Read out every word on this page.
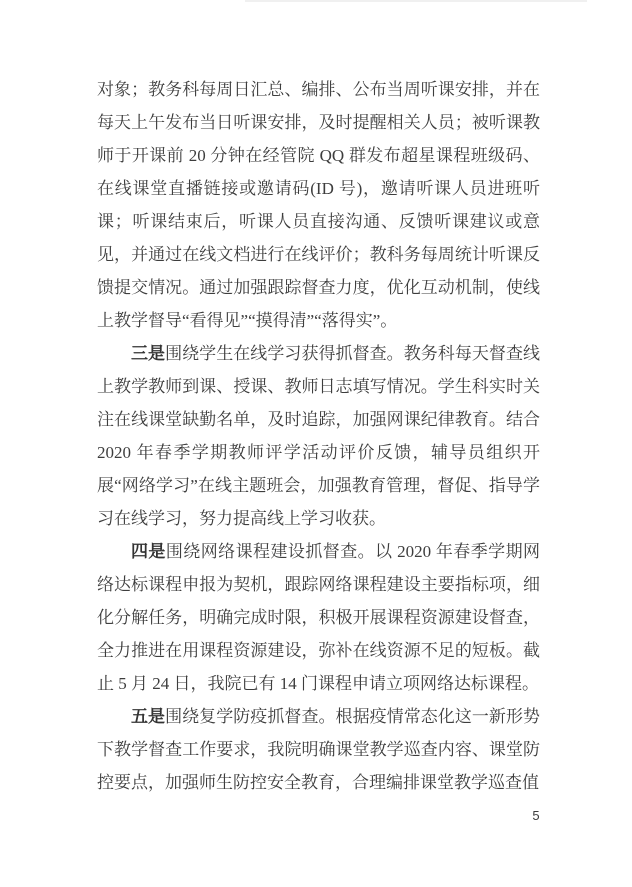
对象；教务科每周日汇总、编排、公布当周听课安排，并在每天上午发布当日听课安排，及时提醒相关人员；被听课教师于开课前 20 分钟在经管院 QQ 群发布超星课程班级码、在线课堂直播链接或邀请码(ID 号)，邀请听课人员进班听课；听课结束后，听课人员直接沟通、反馈听课建议或意见，并通过在线文档进行在线评价；教科务每周统计听课反馈提交情况。通过加强跟踪督查力度，优化互动机制，使线上教学督导“看得见”“摸得清”“落得实”。

三是围绕学生在线学习获得抓督查。教务科每天督查线上教学教师到课、授课、教师日志填写情况。学生科实时关注在线课堂缺勤名单，及时追踪，加强网课纪律教育。结合 2020 年春季学期教师评学活动评价反馈，辅导员组织开展“网络学习”在线主题班会，加强教育管理，督促、指导学习在线学习，努力提高线上学习收获。

四是围绕网络课程建设抓督查。以 2020 年春季学期网络达标课程申报为契机，跟踪网络课程建设主要指标项，细化分解任务，明确完成时限，积极开展课程资源建设督查，全力推进在用课程资源建设，弥补在线资源不足的短板。截止 5 月 24 日，我院已有 14 门课程申请立项网络达标课程。

五是围绕复学防疫抓督查。根据疫情常态化这一新形势下教学督查工作要求，我院明确课堂教学巡查内容、课堂防控要点，加强师生防控安全教育，合理编排课堂教学巡查值

5
